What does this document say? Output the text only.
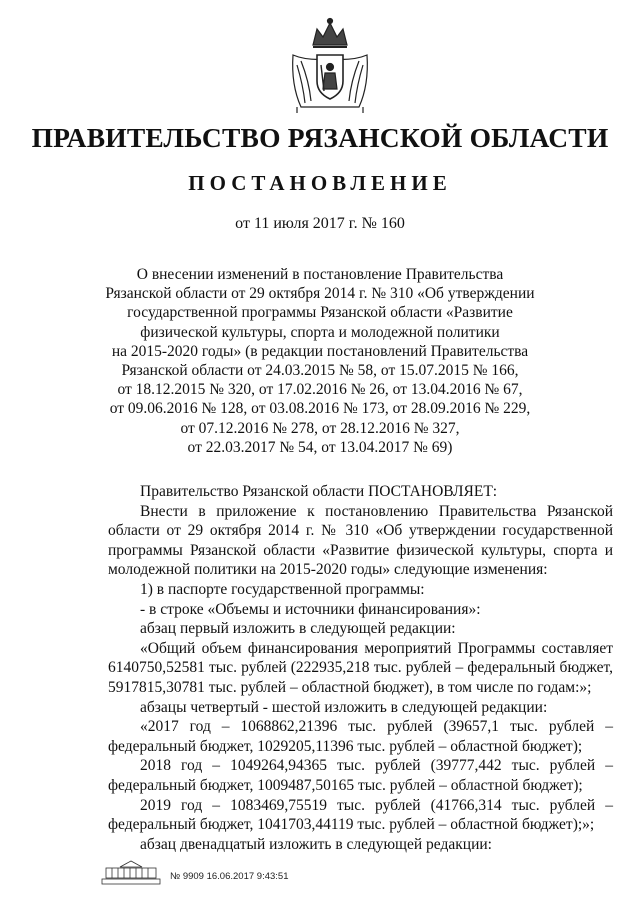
ПРАВИТЕЛЬСТВО РЯЗАНСКОЙ ОБЛАСТИ
ПОСТАНОВЛЕНИЕ
от 11 июля 2017 г. № 160
О внесении изменений в постановление Правительства
Рязанской области от 29 октября 2014 г. № 310 «Об утверждении
государственной программы Рязанской области «Развитие
физической культуры, спорта и молодежной политики
на 2015-2020 годы» (в редакции постановлений Правительства
Рязанской области от 24.03.2015 № 58, от 15.07.2015 № 166,
от 18.12.2015 № 320, от 17.02.2016 № 26, от 13.04.2016 № 67,
от 09.06.2016 № 128, от 03.08.2016 № 173, от 28.09.2016 № 229,
от 07.12.2016 № 278, от 28.12.2016 № 327,
от 22.03.2017 № 54, от 13.04.2017 № 69)
Правительство Рязанской области ПОСТАНОВЛЯЕТ:
Внести в приложение к постановлению Правительства Рязанской
области от 29 октября 2014 г. № 310 «Об утверждении государственной
программы Рязанской области «Развитие физической культуры, спорта и
молодежной политики на 2015-2020 годы» следующие изменения:
1) в паспорте государственной программы:
- в строке «Объемы и источники финансирования»:
абзац первый изложить в следующей редакции:
«Общий объем финансирования мероприятий Программы составляет
6140750,52581 тыс. рублей (222935,218 тыс. рублей – федеральный бюджет,
5917815,30781 тыс. рублей – областной бюджет), в том числе по годам:»;
абзацы четвертый - шестой изложить в следующей редакции:
«2017 год – 1068862,21396 тыс. рублей (39657,1 тыс. рублей –
федеральный бюджет, 1029205,11396 тыс. рублей – областной бюджет);
2018 год – 1049264,94365 тыс. рублей (39777,442 тыс. рублей –
федеральный бюджет, 1009487,50165 тыс. рублей – областной бюджет);
2019 год – 1083469,75519 тыс. рублей (41766,314 тыс. рублей –
федеральный бюджет, 1041703,44119 тыс. рублей – областной бюджет);»;
абзац двенадцатый изложить в следующей редакции:
№ 9909 16.06.2017 9:43:51
